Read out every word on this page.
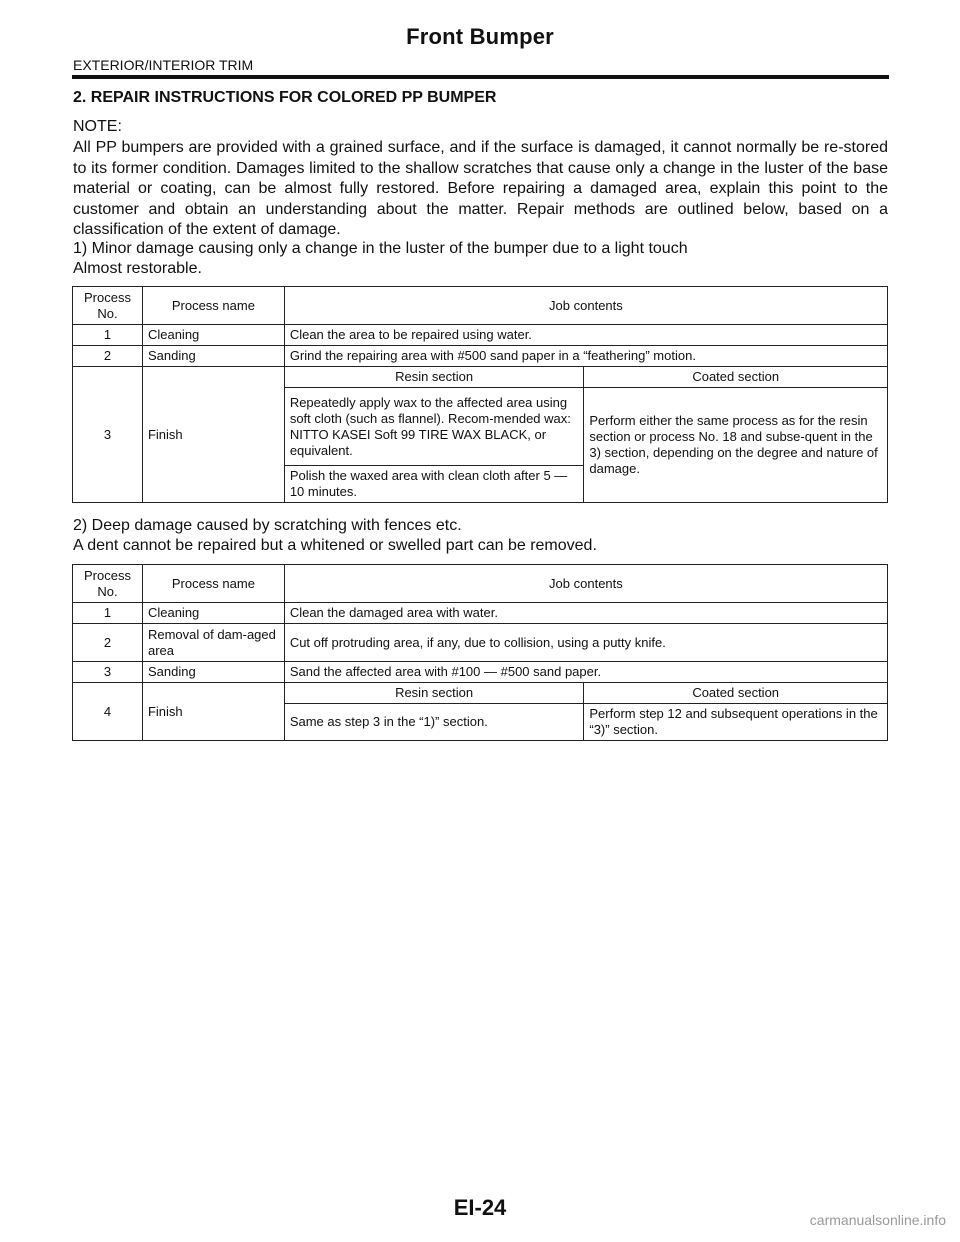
Front Bumper
EXTERIOR/INTERIOR TRIM
2. REPAIR INSTRUCTIONS FOR COLORED PP BUMPER
NOTE:

All PP bumpers are provided with a grained surface, and if the surface is damaged, it cannot normally be re-stored to its former condition. Damages limited to the shallow scratches that cause only a change in the luster of the base material or coating, can be almost fully restored. Before repairing a damaged area, explain this point to the customer and obtain an understanding about the matter. Repair methods are outlined below, based on a classification of the extent of damage.

1) Minor damage causing only a change in the luster of the bumper due to a light touch

Almost restorable.

Process No.	Process name	Job contents	
1	Cleaning	Clean the area to be repaired using water.	
2	Sanding	Grind the repairing area with #500 sand paper in a “feathering” motion.	
3	Finish	Resin section	Coated section
		Repeatedly apply wax to the affected area using soft cloth (such as flannel). Recom-mended wax: NITTO KASEI Soft 99 TIRE WAX BLACK, or equivalent.	Perform either the same process as for the resin section or process No. 18 and subse-quent in the 3) section, depending on the degree and nature of damage.
		Polish the waxed area with clean cloth after 5 — 10 minutes.	

2) Deep damage caused by scratching with fences etc.

A dent cannot be repaired but a whitened or swelled part can be removed.

Process No.	Process name	Job contents	
1	Cleaning	Clean the damaged area with water.	
2	Removal of dam-aged area	Cut off protruding area, if any, due to collision, using a putty knife.	
3	Sanding	Sand the affected area with #100 — #500 sand paper.	
4	Finish	Resin section	Coated section
		Same as step 3 in the “1)” section.	Perform step 12 and subsequent operations in the “3)” section.
EI-24	carmanualsonline.info
